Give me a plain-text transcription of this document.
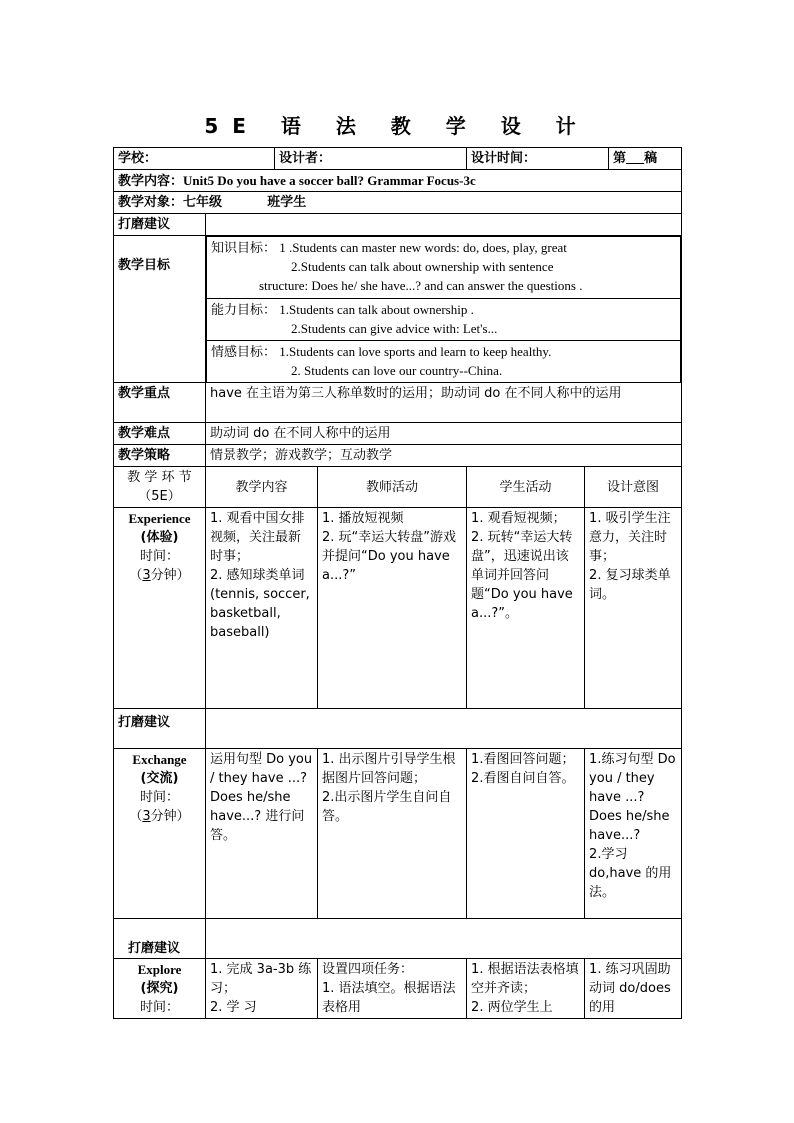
5E 语 法 教 学 设 计
学校：	设计者：	设计时间：	第 稿
教学内容：Unit5 Do you have a soccer ball? Grammar Focus-3c
教学对象：七年级          班学生
打磨建议	
教学目标	
知识目标： 1 .Students can master new words: do, does, play, great
2.Students can talk about ownership with sentence
structure: Does he/ she have...? and can answer the questions .

能力目标： 1.Students can talk about ownership .
2.Students can give advice with: Let's...

情感目标： 1.Students can love sports and learn to keep healthy.
2. Students can love our country--China.

教学重点	have 在主语为第三人称单数时的运用；助动词 do 在不同人称中的运用
教学难点	助动词 do 在不同人称中的运用
教学策略	情景教学；游戏教学；互动教学
教 学 环 节
（5E）	教学内容	教师活动	学生活动	设计意图

Experience
(体验)
时间：
（3分钟）
	1. 观看中国女排视频，关注最新时事；
2. 感知球类单词(tennis, soccer, basketball, baseball)	1. 播放短视频
2. 玩“幸运大转盘”游戏并提问“Do you have a...?”	1. 观看短视频；
2. 玩转“幸运大转盘”，迅速说出该单词并回答问题“Do you have a...?”。	1. 吸引学生注意力，关注时事；
2. 复习球类单词。
打磨建议	

Exchange
(交流)
时间：
（3分钟）
	运用句型 Do you / they have ...?
Does he/she have...? 进行问答。	1. 出示图片引导学生根据图片回答问题；
2.出示图片学生自问自答。	1.看图回答问题；
2.看图自问自答。	1.练习句型 Do you / they have ...?
Does he/she have...?
2.学习 do,have 的用法。
打磨建议	

Explore
(探究)
时间：
	1. 完成 3a-3b 练习；
2. 学 习	设置四项任务：
1. 语法填空。根据语法表格用	1. 根据语法表格填空并齐读；
2. 两位学生上	1. 练习巩固助动词 do/does 的用
